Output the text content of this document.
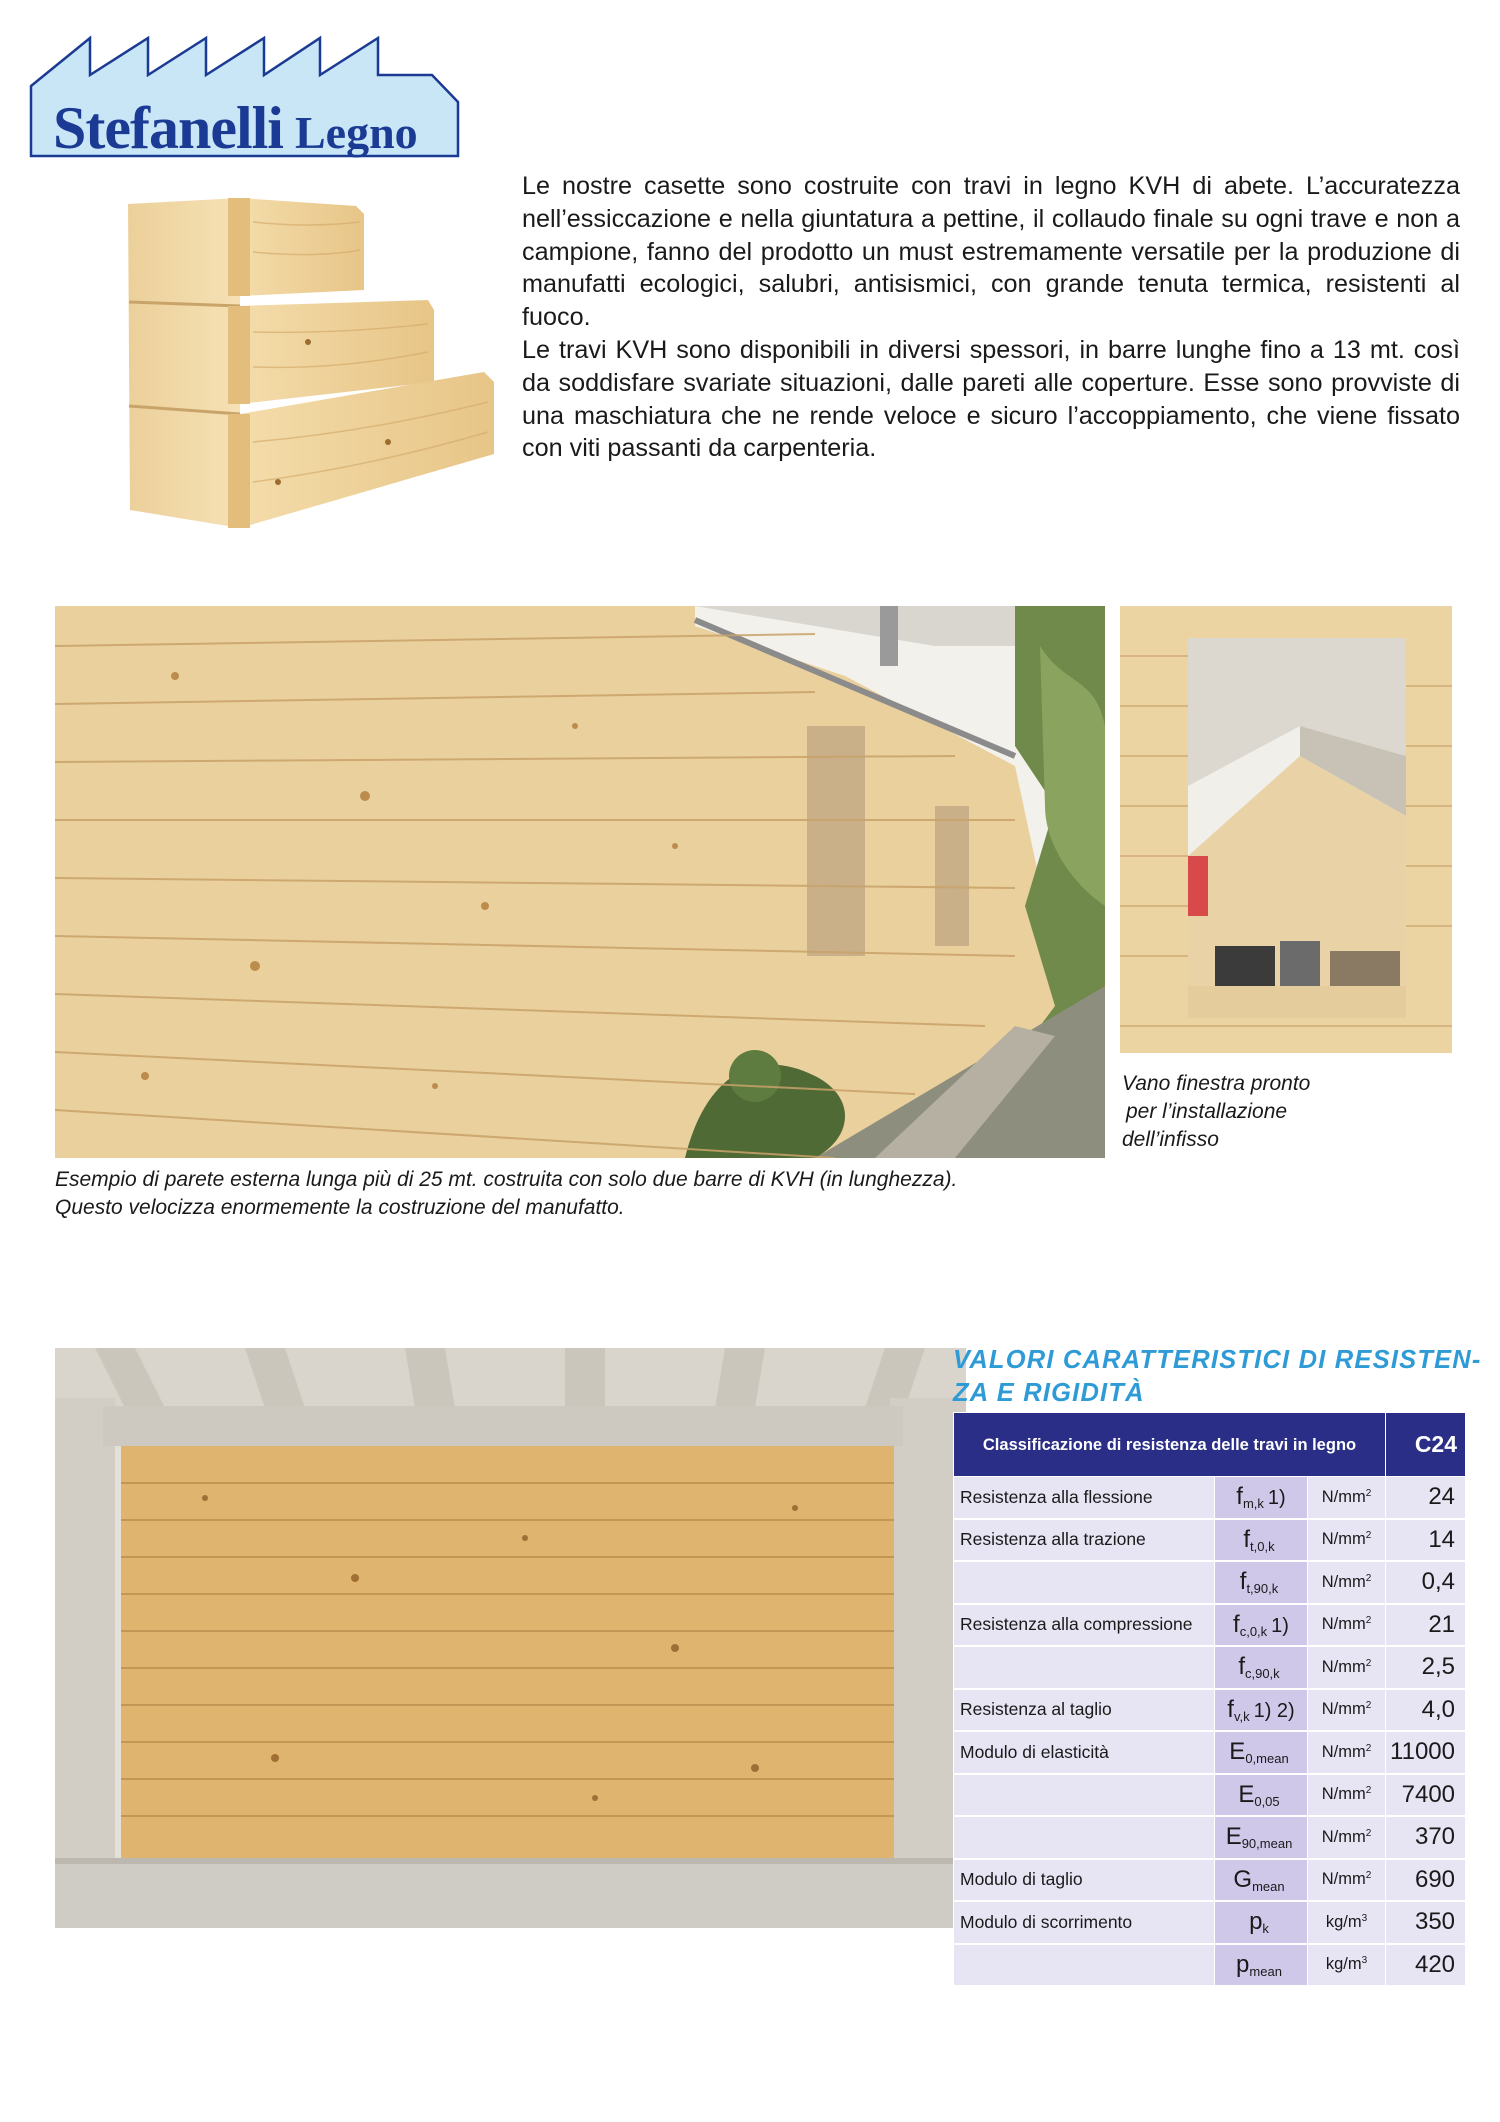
Stefanelli Legno

Le nostre casette sono costruite con travi in legno KVH di abete. L’accuratezza nell’essiccazione e nella giuntatura a pettine, il collaudo finale su ogni trave e non a campione, fanno del prodotto un must estremamente versatile per la produzione di manufatti ecologici, salubri, antisismici, con grande tenuta termica, resistenti al fuoco.

Le travi KVH sono disponibili in diversi spessori, in barre lunghe fino a 13 mt. così da soddisfare svariate situazioni, dalle pareti alle coperture. Esse sono provviste di una maschiatura che ne rende veloce e sicuro l’accoppiamento, che viene fissato con viti passanti da carpenteria.

Esempio di parete esterna lunga più di 25 mt. costruita con solo due barre di KVH (in lunghezza).
Questo velocizza enormemente la costruzione del manufatto.
Vano finestra pronto
per l’installazione
dell’infisso
VALORI CARATTERISTICI DI RESISTEN-
ZA E RIGIDITÀ
Classificazione di resistenza delle travi in legno			C24
Resistenza alla flessione	$f_{m,k}$ 1)	$N/mm^2$	24
Resistenza alla trazione	$f_{t,0,k}$	$N/mm^2$	14
	$f_{t,90,k}$	$N/mm^2$	0,4
Resistenza alla compressione	$f_{c,0,k}$ 1)	$N/mm^2$	21
	$f_{c,90,k}$	$N/mm^2$	2,5
Resistenza al taglio	$f_{v,k}$ 1) 2)	$N/mm^2$	4,0
Modulo di elasticità	$E_{0,mean}$	$N/mm^2$	11000
	$E_{0,05}$	$N/mm^2$	7400
	$E_{90,mean}$	$N/mm^2$	370
Modulo di taglio	$G_{mean}$	$N/mm^2$	690
Modulo di scorrimento	$p_k$	$kg/m^3$	350
	$p_{mean}$	$kg/m^3$	420
